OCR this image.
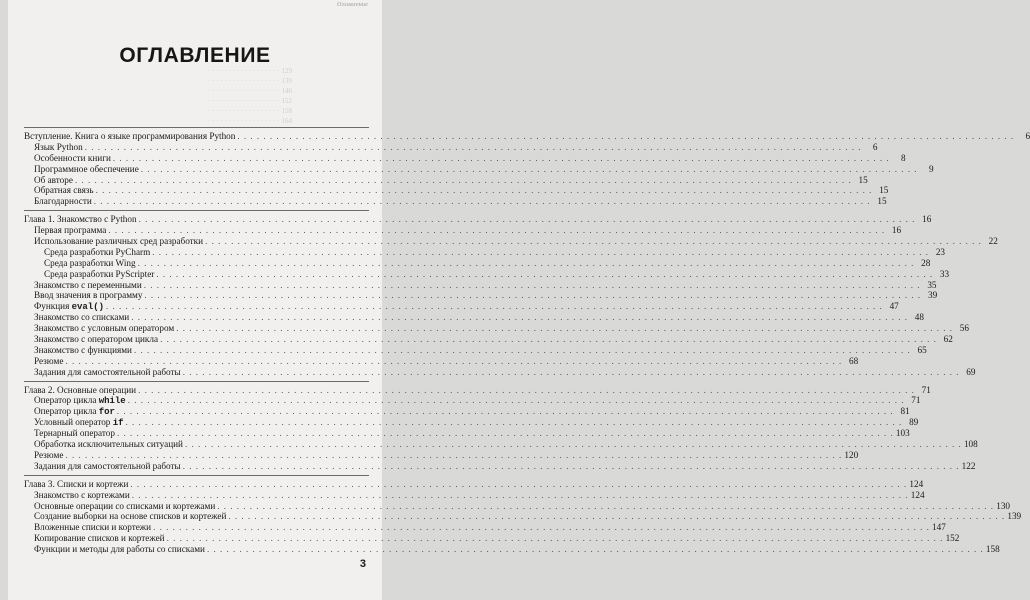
Оглавление
ОГЛАВЛЕНИЕ
· · · · · · · · · · · · · · · · · · 129
· · · · · · · · · · · · · · · · · · 139
· · · · · · · · · · · · · · · · · · 146
· · · · · · · · · · · · · · · · · · 152
· · · · · · · · · · · · · · · · · · 158
· · · · · · · · · · · · · · · · · · 164
Вступление. Книга о языке программирования Python . . . . . . . . . . . . . . . . . . . . . . . . . . . . . . . . . . . . . . . . . . . . . . . . . . . . . . . . . . . . . . . . . . . . . . . . . . . . . . . . . . . . . . . . . . . . . . . . . . . . . . . . . . . . . . . . . . . . . . . .	6
Язык Python . . . . . . . . . . . . . . . . . . . . . . . . . . . . . . . . . . . . . . . . . . . . . . . . . . . . . . . . . . . . . . . . . . . . . . . . . . . . . . . . . . . . . . . . . . . . . . . . . . . . . . . . . . . . . . . . . . . . . . . .	6
Особенности книги . . . . . . . . . . . . . . . . . . . . . . . . . . . . . . . . . . . . . . . . . . . . . . . . . . . . . . . . . . . . . . . . . . . . . . . . . . . . . . . . . . . . . . . . . . . . . . . . . . . . . . . . . . . . . . . . . . . . . . . .	8
Программное обеспечение . . . . . . . . . . . . . . . . . . . . . . . . . . . . . . . . . . . . . . . . . . . . . . . . . . . . . . . . . . . . . . . . . . . . . . . . . . . . . . . . . . . . . . . . . . . . . . . . . . . . . . . . . . . . . . . . . . . . . . . .	9
Об авторе . . . . . . . . . . . . . . . . . . . . . . . . . . . . . . . . . . . . . . . . . . . . . . . . . . . . . . . . . . . . . . . . . . . . . . . . . . . . . . . . . . . . . . . . . . . . . . . . . . . . . . . . . . . . . . . . . . . . . . . . 15
Обратная связь . . . . . . . . . . . . . . . . . . . . . . . . . . . . . . . . . . . . . . . . . . . . . . . . . . . . . . . . . . . . . . . . . . . . . . . . . . . . . . . . . . . . . . . . . . . . . . . . . . . . . . . . . . . . . . . . . . . . . . . . 15
Благодарности . . . . . . . . . . . . . . . . . . . . . . . . . . . . . . . . . . . . . . . . . . . . . . . . . . . . . . . . . . . . . . . . . . . . . . . . . . . . . . . . . . . . . . . . . . . . . . . . . . . . . . . . . . . . . . . . . . . . . . . . 15
Глава 1. Знакомство с Python . . . . . . . . . . . . . . . . . . . . . . . . . . . . . . . . . . . . . . . . . . . . . . . . . . . . . . . . . . . . . . . . . . . . . . . . . . . . . . . . . . . . . . . . . . . . . . . . . . . . . . . . . . . . . . . . . . . . . . . . 16
Первая программа . . . . . . . . . . . . . . . . . . . . . . . . . . . . . . . . . . . . . . . . . . . . . . . . . . . . . . . . . . . . . . . . . . . . . . . . . . . . . . . . . . . . . . . . . . . . . . . . . . . . . . . . . . . . . . . . . . . . . . . . 16
Использование различных сред разработки . . . . . . . . . . . . . . . . . . . . . . . . . . . . . . . . . . . . . . . . . . . . . . . . . . . . . . . . . . . . . . . . . . . . . . . . . . . . . . . . . . . . . . . . . . . . . . . . . . . . . . . . . . . . . . . . . . . . . . . . 22
Среда разработки PyCharm . . . . . . . . . . . . . . . . . . . . . . . . . . . . . . . . . . . . . . . . . . . . . . . . . . . . . . . . . . . . . . . . . . . . . . . . . . . . . . . . . . . . . . . . . . . . . . . . . . . . . . . . . . . . . . . . . . . . . . . . 23
Среда разработки Wing . . . . . . . . . . . . . . . . . . . . . . . . . . . . . . . . . . . . . . . . . . . . . . . . . . . . . . . . . . . . . . . . . . . . . . . . . . . . . . . . . . . . . . . . . . . . . . . . . . . . . . . . . . . . . . . . . . . . . . . . 28
Среда разработки PyScripter . . . . . . . . . . . . . . . . . . . . . . . . . . . . . . . . . . . . . . . . . . . . . . . . . . . . . . . . . . . . . . . . . . . . . . . . . . . . . . . . . . . . . . . . . . . . . . . . . . . . . . . . . . . . . . . . . . . . . . . . 33
Знакомство с переменными . . . . . . . . . . . . . . . . . . . . . . . . . . . . . . . . . . . . . . . . . . . . . . . . . . . . . . . . . . . . . . . . . . . . . . . . . . . . . . . . . . . . . . . . . . . . . . . . . . . . . . . . . . . . . . . . . . . . . . . . 35
Ввод значения в программу . . . . . . . . . . . . . . . . . . . . . . . . . . . . . . . . . . . . . . . . . . . . . . . . . . . . . . . . . . . . . . . . . . . . . . . . . . . . . . . . . . . . . . . . . . . . . . . . . . . . . . . . . . . . . . . . . . . . . . . . 39
Функция eval() . . . . . . . . . . . . . . . . . . . . . . . . . . . . . . . . . . . . . . . . . . . . . . . . . . . . . . . . . . . . . . . . . . . . . . . . . . . . . . . . . . . . . . . . . . . . . . . . . . . . . . . . . . . . . . . . . . . . . . . . 47
Знакомство со списками . . . . . . . . . . . . . . . . . . . . . . . . . . . . . . . . . . . . . . . . . . . . . . . . . . . . . . . . . . . . . . . . . . . . . . . . . . . . . . . . . . . . . . . . . . . . . . . . . . . . . . . . . . . . . . . . . . . . . . . . 48
Знакомство с условным оператором . . . . . . . . . . . . . . . . . . . . . . . . . . . . . . . . . . . . . . . . . . . . . . . . . . . . . . . . . . . . . . . . . . . . . . . . . . . . . . . . . . . . . . . . . . . . . . . . . . . . . . . . . . . . . . . . . . . . . . . . 56
Знакомство с оператором цикла . . . . . . . . . . . . . . . . . . . . . . . . . . . . . . . . . . . . . . . . . . . . . . . . . . . . . . . . . . . . . . . . . . . . . . . . . . . . . . . . . . . . . . . . . . . . . . . . . . . . . . . . . . . . . . . . . . . . . . . . 62
Знакомство с функциями . . . . . . . . . . . . . . . . . . . . . . . . . . . . . . . . . . . . . . . . . . . . . . . . . . . . . . . . . . . . . . . . . . . . . . . . . . . . . . . . . . . . . . . . . . . . . . . . . . . . . . . . . . . . . . . . . . . . . . . . 65
Резюме . . . . . . . . . . . . . . . . . . . . . . . . . . . . . . . . . . . . . . . . . . . . . . . . . . . . . . . . . . . . . . . . . . . . . . . . . . . . . . . . . . . . . . . . . . . . . . . . . . . . . . . . . . . . . . . . . . . . . . . . 68
Задания для самостоятельной работы . . . . . . . . . . . . . . . . . . . . . . . . . . . . . . . . . . . . . . . . . . . . . . . . . . . . . . . . . . . . . . . . . . . . . . . . . . . . . . . . . . . . . . . . . . . . . . . . . . . . . . . . . . . . . . . . . . . . . . . . 69
Глава 2. Основные операции . . . . . . . . . . . . . . . . . . . . . . . . . . . . . . . . . . . . . . . . . . . . . . . . . . . . . . . . . . . . . . . . . . . . . . . . . . . . . . . . . . . . . . . . . . . . . . . . . . . . . . . . . . . . . . . . . . . . . . . . 71
Оператор цикла while . . . . . . . . . . . . . . . . . . . . . . . . . . . . . . . . . . . . . . . . . . . . . . . . . . . . . . . . . . . . . . . . . . . . . . . . . . . . . . . . . . . . . . . . . . . . . . . . . . . . . . . . . . . . . . . . . . . . . . . . 71
Оператор цикла for . . . . . . . . . . . . . . . . . . . . . . . . . . . . . . . . . . . . . . . . . . . . . . . . . . . . . . . . . . . . . . . . . . . . . . . . . . . . . . . . . . . . . . . . . . . . . . . . . . . . . . . . . . . . . . . . . . . . . . . . 81
Условный оператор if . . . . . . . . . . . . . . . . . . . . . . . . . . . . . . . . . . . . . . . . . . . . . . . . . . . . . . . . . . . . . . . . . . . . . . . . . . . . . . . . . . . . . . . . . . . . . . . . . . . . . . . . . . . . . . . . . . . . . . . . 89
Тернарный оператор . . . . . . . . . . . . . . . . . . . . . . . . . . . . . . . . . . . . . . . . . . . . . . . . . . . . . . . . . . . . . . . . . . . . . . . . . . . . . . . . . . . . . . . . . . . . . . . . . . . . . . . . . . . . . . . . . . . . . . . . 103
Обработка исключительных ситуаций . . . . . . . . . . . . . . . . . . . . . . . . . . . . . . . . . . . . . . . . . . . . . . . . . . . . . . . . . . . . . . . . . . . . . . . . . . . . . . . . . . . . . . . . . . . . . . . . . . . . . . . . . . . . . . . . . . . . . . . . 108
Резюме . . . . . . . . . . . . . . . . . . . . . . . . . . . . . . . . . . . . . . . . . . . . . . . . . . . . . . . . . . . . . . . . . . . . . . . . . . . . . . . . . . . . . . . . . . . . . . . . . . . . . . . . . . . . . . . . . . . . . . . . 120
Задания для самостоятельной работы . . . . . . . . . . . . . . . . . . . . . . . . . . . . . . . . . . . . . . . . . . . . . . . . . . . . . . . . . . . . . . . . . . . . . . . . . . . . . . . . . . . . . . . . . . . . . . . . . . . . . . . . . . . . . . . . . . . . . . . . 122
Глава 3. Списки и кортежи . . . . . . . . . . . . . . . . . . . . . . . . . . . . . . . . . . . . . . . . . . . . . . . . . . . . . . . . . . . . . . . . . . . . . . . . . . . . . . . . . . . . . . . . . . . . . . . . . . . . . . . . . . . . . . . . . . . . . . . . 124
Знакомство с кортежами . . . . . . . . . . . . . . . . . . . . . . . . . . . . . . . . . . . . . . . . . . . . . . . . . . . . . . . . . . . . . . . . . . . . . . . . . . . . . . . . . . . . . . . . . . . . . . . . . . . . . . . . . . . . . . . . . . . . . . . . 124
Основные операции со списками и кортежами . . . . . . . . . . . . . . . . . . . . . . . . . . . . . . . . . . . . . . . . . . . . . . . . . . . . . . . . . . . . . . . . . . . . . . . . . . . . . . . . . . . . . . . . . . . . . . . . . . . . . . . . . . . . . . . . . . . . . . . . 130
Создание выборки на основе списков и кортежей . . . . . . . . . . . . . . . . . . . . . . . . . . . . . . . . . . . . . . . . . . . . . . . . . . . . . . . . . . . . . . . . . . . . . . . . . . . . . . . . . . . . . . . . . . . . . . . . . . . . . . . . . . . . . . . . . . . . . . . . 139
Вложенные списки и кортежи . . . . . . . . . . . . . . . . . . . . . . . . . . . . . . . . . . . . . . . . . . . . . . . . . . . . . . . . . . . . . . . . . . . . . . . . . . . . . . . . . . . . . . . . . . . . . . . . . . . . . . . . . . . . . . . . . . . . . . . . 147
Копирование списков и кортежей . . . . . . . . . . . . . . . . . . . . . . . . . . . . . . . . . . . . . . . . . . . . . . . . . . . . . . . . . . . . . . . . . . . . . . . . . . . . . . . . . . . . . . . . . . . . . . . . . . . . . . . . . . . . . . . . . . . . . . . . 152
Функции и методы для работы со списками . . . . . . . . . . . . . . . . . . . . . . . . . . . . . . . . . . . . . . . . . . . . . . . . . . . . . . . . . . . . . . . . . . . . . . . . . . . . . . . . . . . . . . . . . . . . . . . . . . . . . . . . . . . . . . . . . . . . . . . . 158
3
